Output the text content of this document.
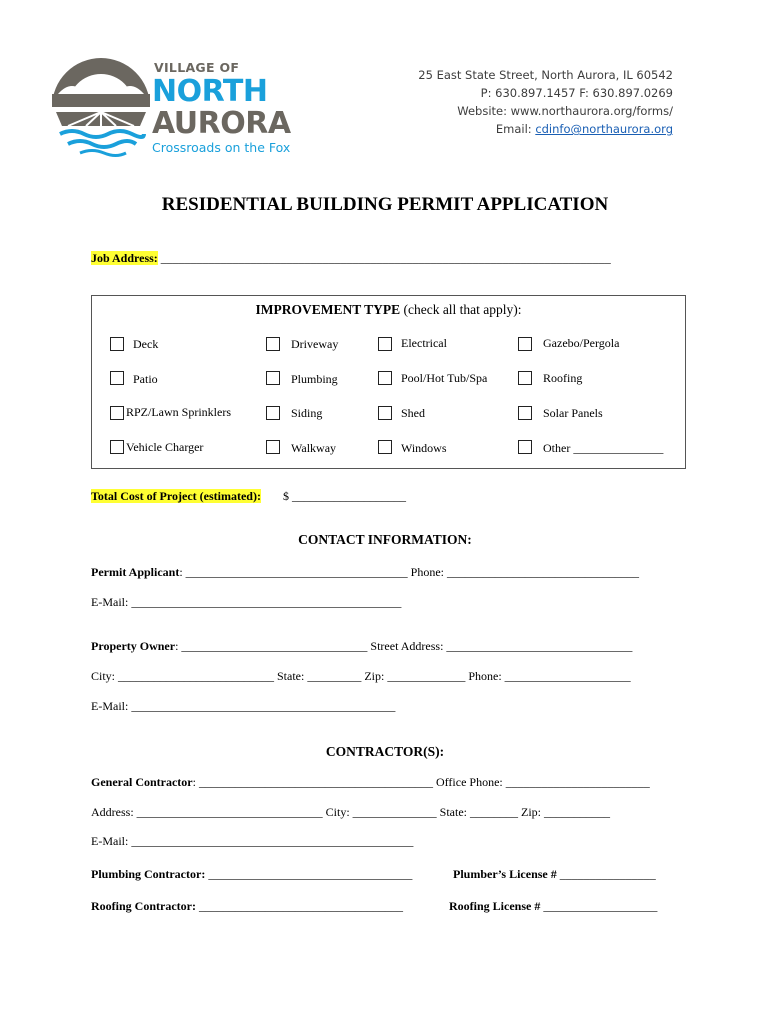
VILLAGE OF
NORTH
AURORA
Crossroads on the Fox
25 East State Street, North Aurora, IL 60542
P: 630.897.1457 F: 630.897.0269
Website: www.northaurora.org/forms/
Email: cdinfo@northaurora.org
RESIDENTIAL BUILDING PERMIT APPLICATION
Job Address: ___________________________________________________________________________
IMPROVEMENT TYPE (check all that apply):
Deck	Driveway	Electrical	Gazebo/Pergola
Patio	Plumbing	Pool/Hot Tub/Spa	Roofing
RPZ/Lawn Sprinklers	Siding	Shed	Solar Panels
Vehicle Charger	Walkway	Windows	Other _______________
Total Cost of Project (estimated): $ ___________________
CONTACT INFORMATION:
Permit Applicant: _____________________________________ Phone: ________________________________
E-Mail: _____________________________________________
Property Owner: _______________________________ Street Address: _______________________________
City: __________________________ State: _________ Zip: _____________ Phone: _____________________
E-Mail: ____________________________________________
CONTRACTOR(S):
General Contractor: _______________________________________ Office Phone: ________________________
Address: _______________________________ City: ______________ State: ________ Zip: ___________
E-Mail: _______________________________________________
Plumbing Contractor: __________________________________	Plumber’s License # ________________
Roofing Contractor: __________________________________	Roofing License # ___________________
